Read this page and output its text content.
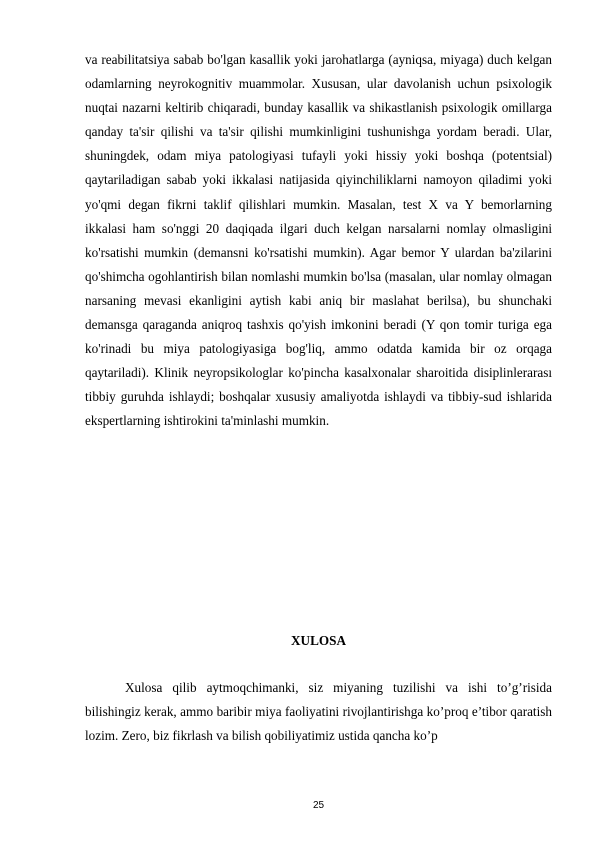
va reabilitatsiya sabab bo'lgan kasallik yoki jarohatlarga (ayniqsa, miyaga) duch kelgan odamlarning neyrokognitiv muammolar. Xususan, ular davolanish uchun psixologik nuqtai nazarni keltirib chiqaradi, bunday kasallik va shikastlanish psixologik omillarga qanday ta'sir qilishi va ta'sir qilishi mumkinligini tushunishga yordam beradi. Ular, shuningdek, odam miya patologiyasi tufayli yoki hissiy yoki boshqa (potentsial) qaytariladigan sabab yoki ikkalasi natijasida qiyinchiliklarni namoyon qiladimi yoki yo'qmi degan fikrni taklif qilishlari mumkin. Masalan, test X va Y bemorlarning ikkalasi ham so'nggi 20 daqiqada ilgari duch kelgan narsalarni nomlay olmasligini ko'rsatishi mumkin (demansni ko'rsatishi mumkin). Agar bemor Y ulardan ba'zilarini qo'shimcha ogohlantirish bilan nomlashi mumkin bo'lsa (masalan, ular nomlay olmagan narsaning mevasi ekanligini aytish kabi aniq bir maslahat berilsa), bu shunchaki demansga qaraganda aniqroq tashxis qo'yish imkonini beradi (Y qon tomir turiga ega ko'rinadi bu miya patologiyasiga bog'liq, ammo odatda kamida bir oz orqaga qaytariladi). Klinik neyropsikologlar ko'pincha kasalxonalar sharoitida disiplinlerarası tibbiy guruhda ishlaydi; boshqalar xususiy amaliyotda ishlaydi va tibbiy-sud ishlarida ekspertlarning ishtirokini ta'minlashi mumkin.

XULOSA

Xulosa qilib aytmoqchimanki, siz miyaning tuzilishi va ishi to’g’risida bilishingiz kerak, ammo baribir miya faoliyatini rivojlantirishga ko’proq e’tibor qaratish lozim. Zero, biz fikrlash va bilish qobiliyatimiz ustida qancha ko’p

25
